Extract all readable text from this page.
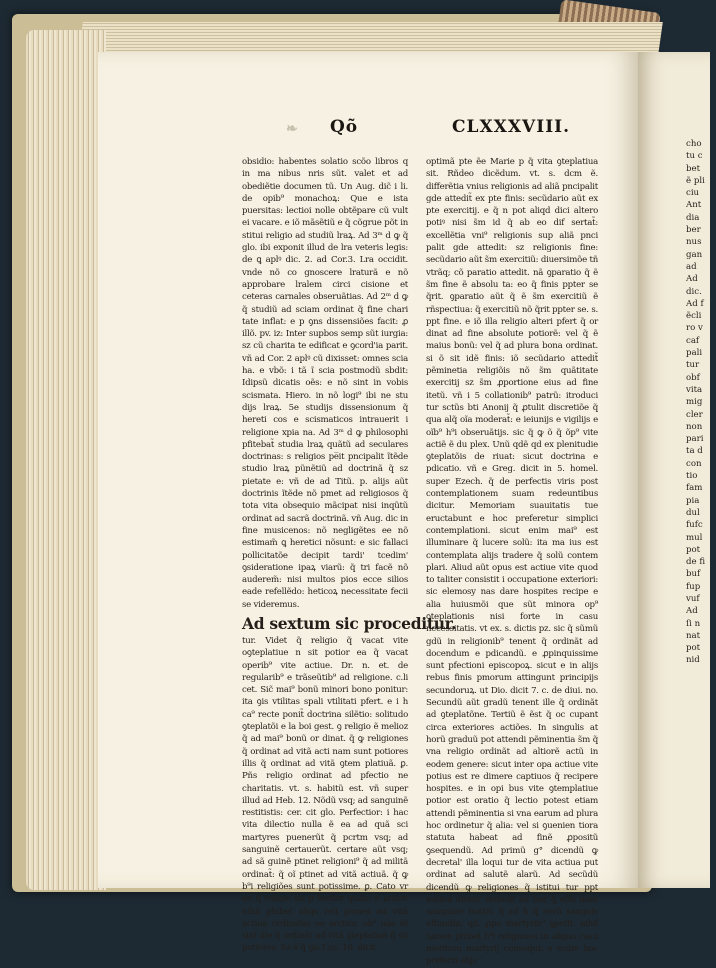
❧ Qõ	CLXXXVIII.

obsidio: habentes solatio scõo libros q in ma nibus nris sũt. valet et ad obediẽtie documen tũ. Un Aug. dic̃ i li. de opib⁹ monachoꝝ: Que e ista puersitas: lectioi nolle obtẽpare cũ vult ei vacare. e iõ mãsẽtiũ e q̃ cõgrue põt in stitui religio ad studiũ lraꝝ. Ad 3ᵐ d ꝙ q̃ glo. ibi exponit illud de lra veteris legis: de ꝗ aplꝰ dic. 2. ad Cor.3. Lra occidit. vnde nõ co gnoscere lraturã e nõ approbare lralem circi cisione et ceteras carnales obseruãtias. Ad 2ᵐ d ꝙ q̃ studiũ ad sciam ordinat q̃ fine chari tate inflat: e p ꝯns dissensiões facit: ꝓ illõ. pv. iz: Inter supbos semp sũt iurgia: sz cũ charita te edificat e ꝯcord'ia parit. vñ ad Cor. 2 aplꝰ cũ dixisset: omnes scia ha. e vbõ: i tã ĩ scia postmodũ sbdit: Idipsũ dicatis oẽs: e nõ sint in vobis scismata. Hiero. in nõ logi⁹ ibi ne stu dijs lraꝝ. 5e studijs dissensionum q̃ hereti cos e scismaticos intrauerit i religione xpia na. Ad 3ᵐ d ꝙ philosophi pfitebat̃ studia lraꝝ quãtũ ad seculares doctrinas: s religios pe̅it pncipalit ĩtẽde studio lraꝝ pũnẽtiũ ad doctrinã q̃ sz pietate e: vñ de ad Titũ. p. alijs aũt doctrinis ĩtẽde nõ pmet ad religiosos q̃ tota vita obsequio mãcipat nisi inqũtũ ordinat ad sacrã doctrinã. vñ Aug. dic in fine musicenos: nõ negligẽtes ee nõ estimam̃ ꝗ heretici nõsunt: e sic fallaci pollicitatõe decipit tardi' tcedim' ꝯsideratione ipaꝝ viarũ: q̃ tri facẽ nõ auderem̃: nisi multos pios ecce silios eade refellẽdo: heticoꝝ necessitate fecii se videremus.

Ad sextum sic proceditur.

tur. Videt q̃ religio q̃ vacat vite oꝯteplatiue n sit potior ea q̃ vacat operib⁹ vite actiue. Dr. n. et. de regularib⁹ e trãseũtib⁹ ad religione. c.li cet. Sic̃ mai⁹ bonũ minori bono ponitur: ita ꝯis vtilitas spali vtilitati pfert. e i h ca⁹ recte ponit̃ doctrina silẽtio: solitudo ꝯteplatõi e la boi gest. ꝯ religio ẽ melioz q̃ ad mai⁹ bonũ or dinat. q̃ ꝙ religiones q̃ ordinat ad vitã acti nam sunt potiores illis q̃ ordinat ad vitã ꝯtem platiuã. ꝑ. Pñs religio ordinat ad pfectio ne charitatis. vt. s. habitũ est. vñ super illud ad Heb. 12. Nõdũ vsq; ad sanguinẽ restitistis: cer. cit glo. Perfectior: i hac vita dilectio nulla ẽ ea ad quã sci martyres puenerũt q̃ pcrtm vsq; ad sanguinẽ certauerũt. certare aũt vsq; ad sã guinẽ ptinet religioni⁹ q̃ ad militã ordinat̃: q̃ oĩ ptinet ad vitã actiuã. q̃ ꝙ b⁹i religiões sunt potissime. ꝑ. Cato vr ee q̃ religio sit p fectior quãto e artior. nihil phibet aliqs reli giones ad vitã actiuã ordinatas ee arctior. ob⁹ nãe ẽt sint ille q̃ ordinãt ad vitã ꝯteplatiuã q̃ sit potiores. Sz ẽ q̃ ꝯis Luc. 10. dicit

optimã pte ẽe Marie p q̃ vita ꝯteplatiua sit. Rñdeo dicẽdum. vt. s. dcm ẽ. differẽtia vnius religionis ad aliã pncipalit gde attedit̃ ex pte finis: secũdario aũt ex pte exercitij. e q̃ n pot aliqd dici altero potiꝰ nisi s̃m id q̃ ab eo dif sertat̃: excellẽtia vni⁹ religionis sup aliã pnci palit gde attedit: sz religionis fine: secũdario aũt s̃m exercitiũ: diuersimõe tñ vtrãq; cõ paratio attedit. nã ꝯparatio q̃ ẽ s̃m fine ẽ absolu ta: eo q̃ finis ppter se q̃rit. ꝯparatio aũt q̃ ẽ s̃m exercitiũ ẽ rñspectiua: q̃ exercitiũ nõ q̃rit ppter se. s. ppt fine. e iõ illa religio alteri pfert q̃ or dinat ad fine absolute potiorẽ: vel q̃ ẽ maius bonũ: vel q̃ ad plura bona ordinat. si õ sit idẽ finis: iõ secũdario attedit̃ pẽminetia religiõis nõ s̃m quãtitate exercitij sz s̃m ꝓportione eius ad fine itetũ. vñ i 5 collationib⁹ patrũ: itroduci tur sctũs bti Anonij q̃ ꝓtulit discretiõe q̃ qua alq̃ oĩa moderat̃: e ieiunijs e vigilijs e oĩb⁹ h⁹i obseruãtijs. sic q̃ ꝙ õ q̃ õp⁹ vite actiẽ ẽ du plex. Unũ qdẽ qd ex plenitudie ꝯteplatõis de riuat: sicut doctrina e pdicatio. vñ e Greg. dicit in 5. homel. super Ezech. q̃ de perfectis viris post contemplationem suam redeuntibus dicitur. Memoriam suauitatis tue eructabunt e hoc preferetur simplici contemplationi. sicut enim mai⁹ est illuminare q̃ lucere solũ: ita ma ius est contemplata alijs tradere q̃ solũ contem plari. Aliud aũt opus est actiue vite quod to taliter consistit i occupatione exteriori: sic elemosy nas dare hospites recipe e alia huiusmõi que sũt minora op⁹ ꝯteplationis nisi forte in casu necessitatis. vt ex. s. dictis pz. sic q̃ sũmũ gdũ in religionib⁹ tenent q̃ ordinãt ad docendum e pdicandũ. e ꝓpinquissime sunt pfectioni episcopoꝝ. sicut e in alijs rebus finis pmorum attingunt principijs secundoruꝝ. ut Dio. dicit 7. c. de diui. no. Secundũ aũt gradũ tenent ille q̃ ordinãt ad ꝯteplatõne. Tertiũ ẽ ẽst q̃ oc cupant circa exteriores actiões. In singulis at horũ graduũ pot attendi pẽminentia s̃m q̃ vna religio ordinãt ad altiorẽ actũ in eodem genere: sicut inter opa actiue vite potius est re dimere captiuos q̃ recipere hospites. e in opi bus vite ꝯtemplatiue potior est oratio q̃ lectio potest etiam attendi pẽminentia si vna earum ad plura hoc ordinetur q̃ alia: vel si ꝯuenien tiora statuta habeat ad finẽ ꝓpositũ ꝯsequendũ. Ad primũ g° dicendũ ꝙ decretal' illa loqui tur de vita actiua put ordinat ad salutẽ alarũ. Ad secũdũ dicendũ ꝙ religiones q̃ istitui tur ppt militiã direct' ordinãt ad hoc q̃ effũ dant sanguine hostiũ q̃ ad h q̃ eorũ sanguis effundat: qd. ꝓpe martyrib⁹ ꝯpetit. nihil tamen phibet h⁹i religiosos in aliquo casu meritum martyrij consequi: e scdm hoc preferri alijs

cho

tu c

bet

ẽ pli

ciu

Ant

dia

ber

nus

gan

ad

Ad

dic.

Ad f

ẽcli

ro v

caf

pali

tur

obf

vita

mig

cler

non

pari

ta d

con

tio

fam

pia

dul

fufc

mul

pot

de fi

buf

fup

vuf

Ad

ſi n

nat

pot

nid
